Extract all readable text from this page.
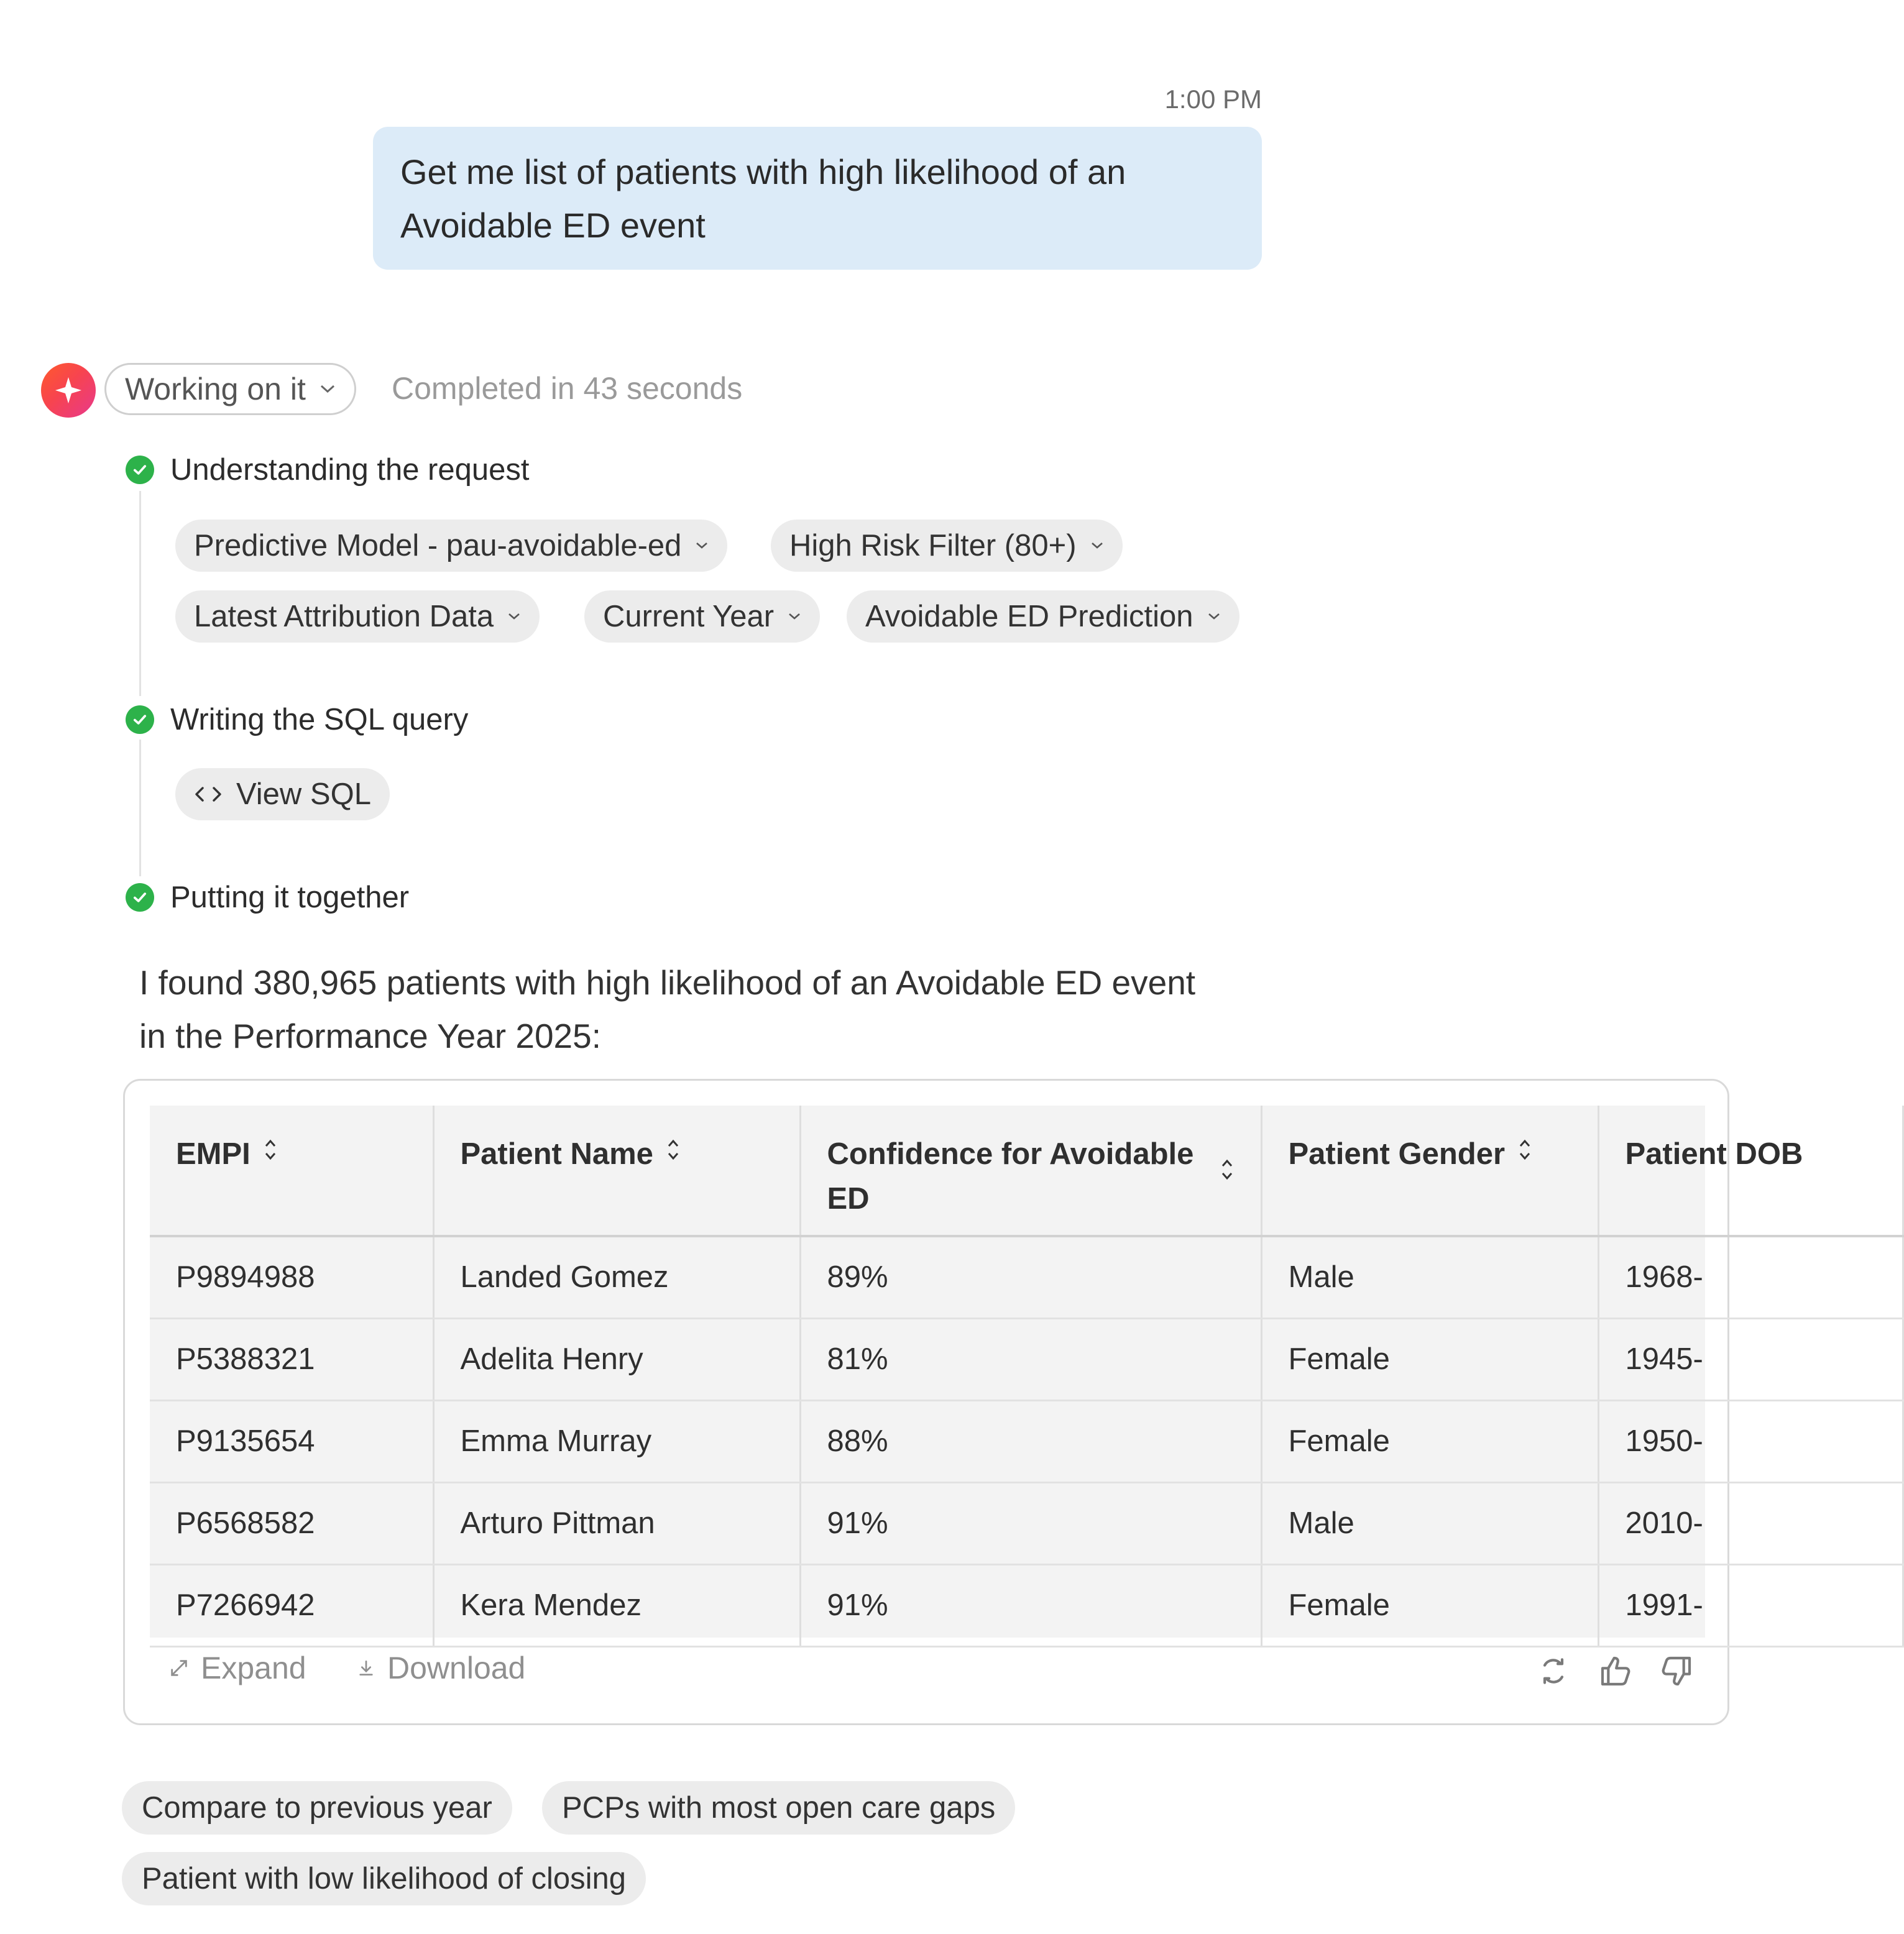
1:00 PM
Get me list of patients with high likelihood of an Avoidable ED event
Working on it	Completed in 43 seconds
Understanding the request
Predictive Model - pau-avoidable-ed	High Risk Filter (80+)
Latest Attribution Data	Current Year	Avoidable ED Prediction
Writing the SQL query
View SQL
Putting it together
I found 380,965 patients with high likelihood of an Avoidable ED event in the Performance Year 2025:
EMPI	Patient Name	Confidence for Avoidable ED	Patient Gender	Patient DOB

P9894988	Landed Gomez	89%	Male	1968-
P5388321	Adelita Henry	81%	Female	1945-
P9135654	Emma Murray	88%	Female	1950-
P6568582	Arturo Pittman	91%	Male	2010-
P7266942	Kera Mendez	91%	Female	1991-
Expand	Download
Compare to previous year PCPs with most open care gaps
Patient with low likelihood of closing
